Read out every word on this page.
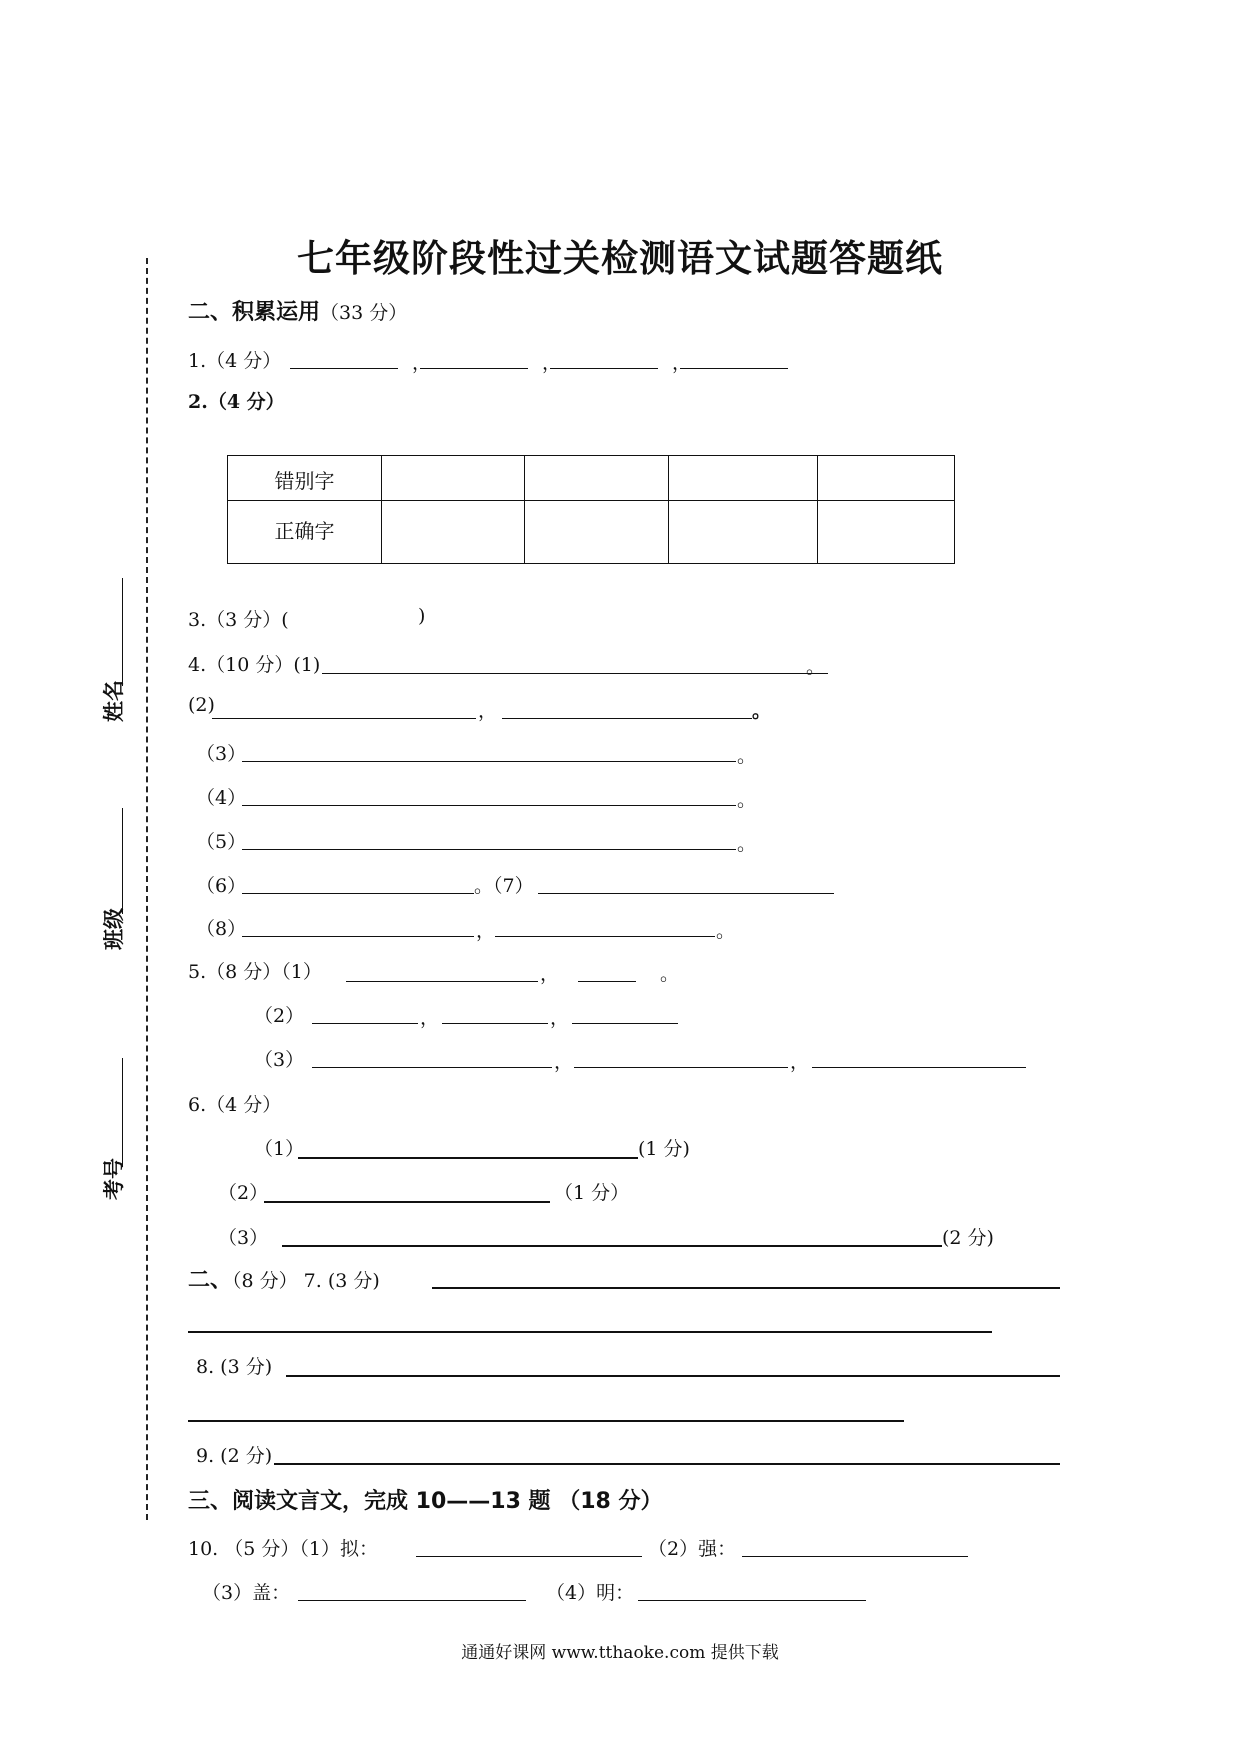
七年级阶段性过关检测语文试题答题纸
姓名
班级
考号
二、积累运用（33 分）
1.（4 分）	，	，	，
2.（4 分）
错别字				
正确字				
3.（3 分）(	)
4.（10 分）(1)	。
(2)	，	。
（3）	。
（4）	。
（5）	。
（6）	。（7）
（8）	，	。
5.（8 分）（1）	，	。
（2）	，	，
（3）	，	，
6.（4 分）
（1）	(1 分)
（2）	（1 分）
（3）	(2 分)
二、（8 分） 7. (3 分)
8. (3 分)
9. (2 分)
三、阅读文言文，完成 10——13 题 （18 分）
10. （5 分）（1）拟：	（2）强：
（3）盖：	（4）明：
通通好课网 www.tthaoke.com 提供下载
